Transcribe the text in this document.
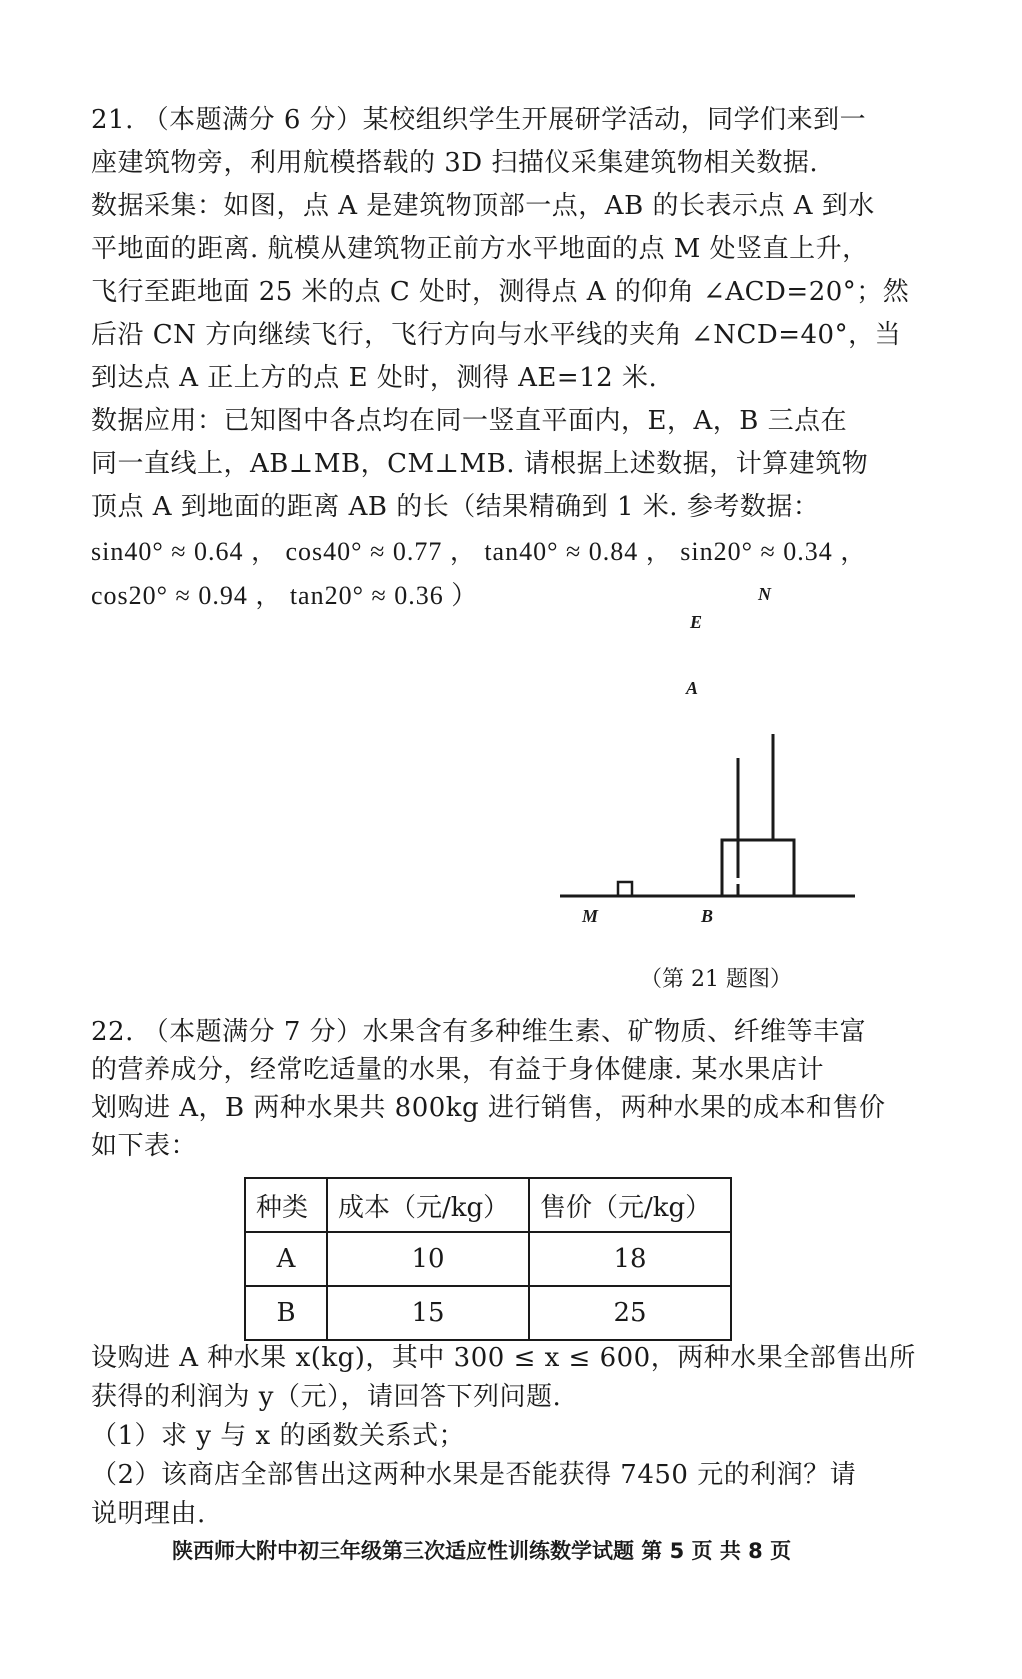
21. （本题满分 6 分）某校组织学生开展研学活动，同学们来到一
座建筑物旁，利用航模搭载的 3D 扫描仪采集建筑物相关数据.
数据采集：如图，点 A 是建筑物顶部一点，AB 的长表示点 A 到水
平地面的距离. 航模从建筑物正前方水平地面的点 M 处竖直上升，
飞行至距地面 25 米的点 C 处时，测得点 A 的仰角 ∠ACD=20°；然
后沿 CN 方向继续飞行，飞行方向与水平线的夹角 ∠NCD=40°，当
到达点 A 正上方的点 E 处时，测得 AE=12 米.
数据应用：已知图中各点均在同一竖直平面内，E，A，B 三点在
同一直线上，AB⊥MB，CM⊥MB. 请根据上述数据，计算建筑物
顶点 A 到地面的距离 AB 的长（结果精确到 1 米. 参考数据：
sin40° ≈ 0.64 ， cos40° ≈ 0.77 ， tan40° ≈ 0.84 ， sin20° ≈ 0.34 ，
cos20° ≈ 0.94 ， tan20° ≈ 0.36 ）	N
E
A
M	B
（第 21 题图）
22. （本题满分 7 分）水果含有多种维生素、矿物质、纤维等丰富
的营养成分，经常吃适量的水果，有益于身体健康. 某水果店计
划购进 A，B 两种水果共 800kg 进行销售，两种水果的成本和售价
如下表：
种类	成本（元/kg）	售价（元/kg）
A	10	18
B	15	25
设购进 A 种水果 x(kg)，其中 300 ≤ x ≤ 600，两种水果全部售出所
获得的利润为 y（元），请回答下列问题.
（1）求 y 与 x 的函数关系式；
（2）该商店全部售出这两种水果是否能获得 7450 元的利润？请
说明理由.
陕西师大附中初三年级第三次适应性训练数学试题 第 5 页 共 8 页
